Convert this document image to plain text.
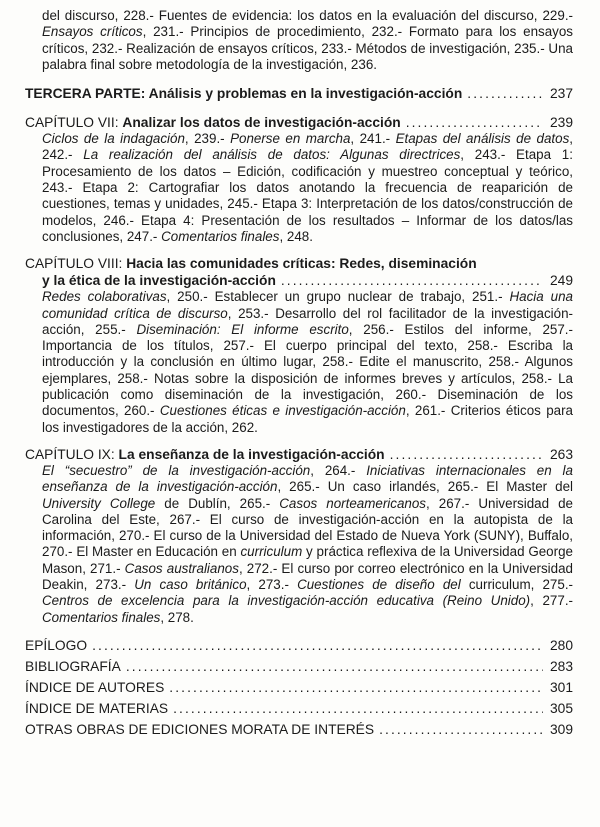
del discurso, 228.- Fuentes de evidencia: los datos en la evaluación del discurso, 229.- Ensayos críticos, 231.- Principios de procedimiento, 232.- Formato para los ensayos críticos, 232.- Realización de ensayos críticos, 233.- Métodos de investigación, 235.- Una palabra final sobre metodología de la investigación, 236.
TERCERA PARTE: Análisis y problemas en la investigación-acción .....	237
CAPÍTULO VII: Analizar los datos de investigación-acción .....	239
Ciclos de la indagación, 239.- Ponerse en marcha, 241.- Etapas del análisis de datos, 242.- La realización del análisis de datos: Algunas directrices, 243.- Etapa 1: Procesamiento de los datos – Edición, codificación y muestreo conceptual y teórico, 243.- Etapa 2: Cartografiar los datos anotando la frecuencia de reaparición de cuestiones, temas y unidades, 245.- Etapa 3: Interpretación de los datos/construcción de modelos, 246.- Etapa 4: Presentación de los resultados – Informar de los datos/las conclusiones, 247.- Comentarios finales, 248.
CAPÍTULO VIII: Hacia las comunidades críticas: Redes, diseminación
y la ética de la investigación-acción .....	249
Redes colaborativas, 250.- Establecer un grupo nuclear de trabajo, 251.- Hacia una comunidad crítica de discurso, 253.- Desarrollo del rol facilitador de la investigación-acción, 255.- Diseminación: El informe escrito, 256.- Estilos del informe, 257.- Importancia de los títulos, 257.- El cuerpo principal del texto, 258.- Escriba la introducción y la conclusión en último lugar, 258.- Edite el manuscrito, 258.- Algunos ejemplares, 258.- Notas sobre la disposición de informes breves y artículos, 258.- La publicación como diseminación de la investigación, 260.- Diseminación de los documentos, 260.- Cuestiones éticas e investigación-acción, 261.- Criterios éticos para los investigadores de la acción, 262.
CAPÍTULO IX: La enseñanza de la investigación-acción .....	263
El “secuestro” de la investigación-acción, 264.- Iniciativas internacionales en la enseñanza de la investigación-acción, 265.- Un caso irlandés, 265.- El Master del University College de Dublín, 265.- Casos norteamericanos, 267.- Universidad de Carolina del Este, 267.- El curso de investigación-acción en la autopista de la información, 270.- El curso de la Universidad del Estado de Nueva York (SUNY), Buffalo, 270.- El Master en Educación en curriculum y práctica reflexiva de la Universidad George Mason, 271.- Casos australianos, 272.- El curso por correo electrónico en la Universidad Deakin, 273.- Un caso británico, 273.- Cuestiones de diseño del curriculum, 275.- Centros de excelencia para la investigación-acción educativa (Reino Unido), 277.- Comentarios finales, 278.
EPÍLOGO .....	280
BIBLIOGRAFÍA .....	283
ÍNDICE DE AUTORES .....	301
ÍNDICE DE MATERIAS .....	305
OTRAS OBRAS DE EDICIONES MORATA DE INTERÉS .....	309
